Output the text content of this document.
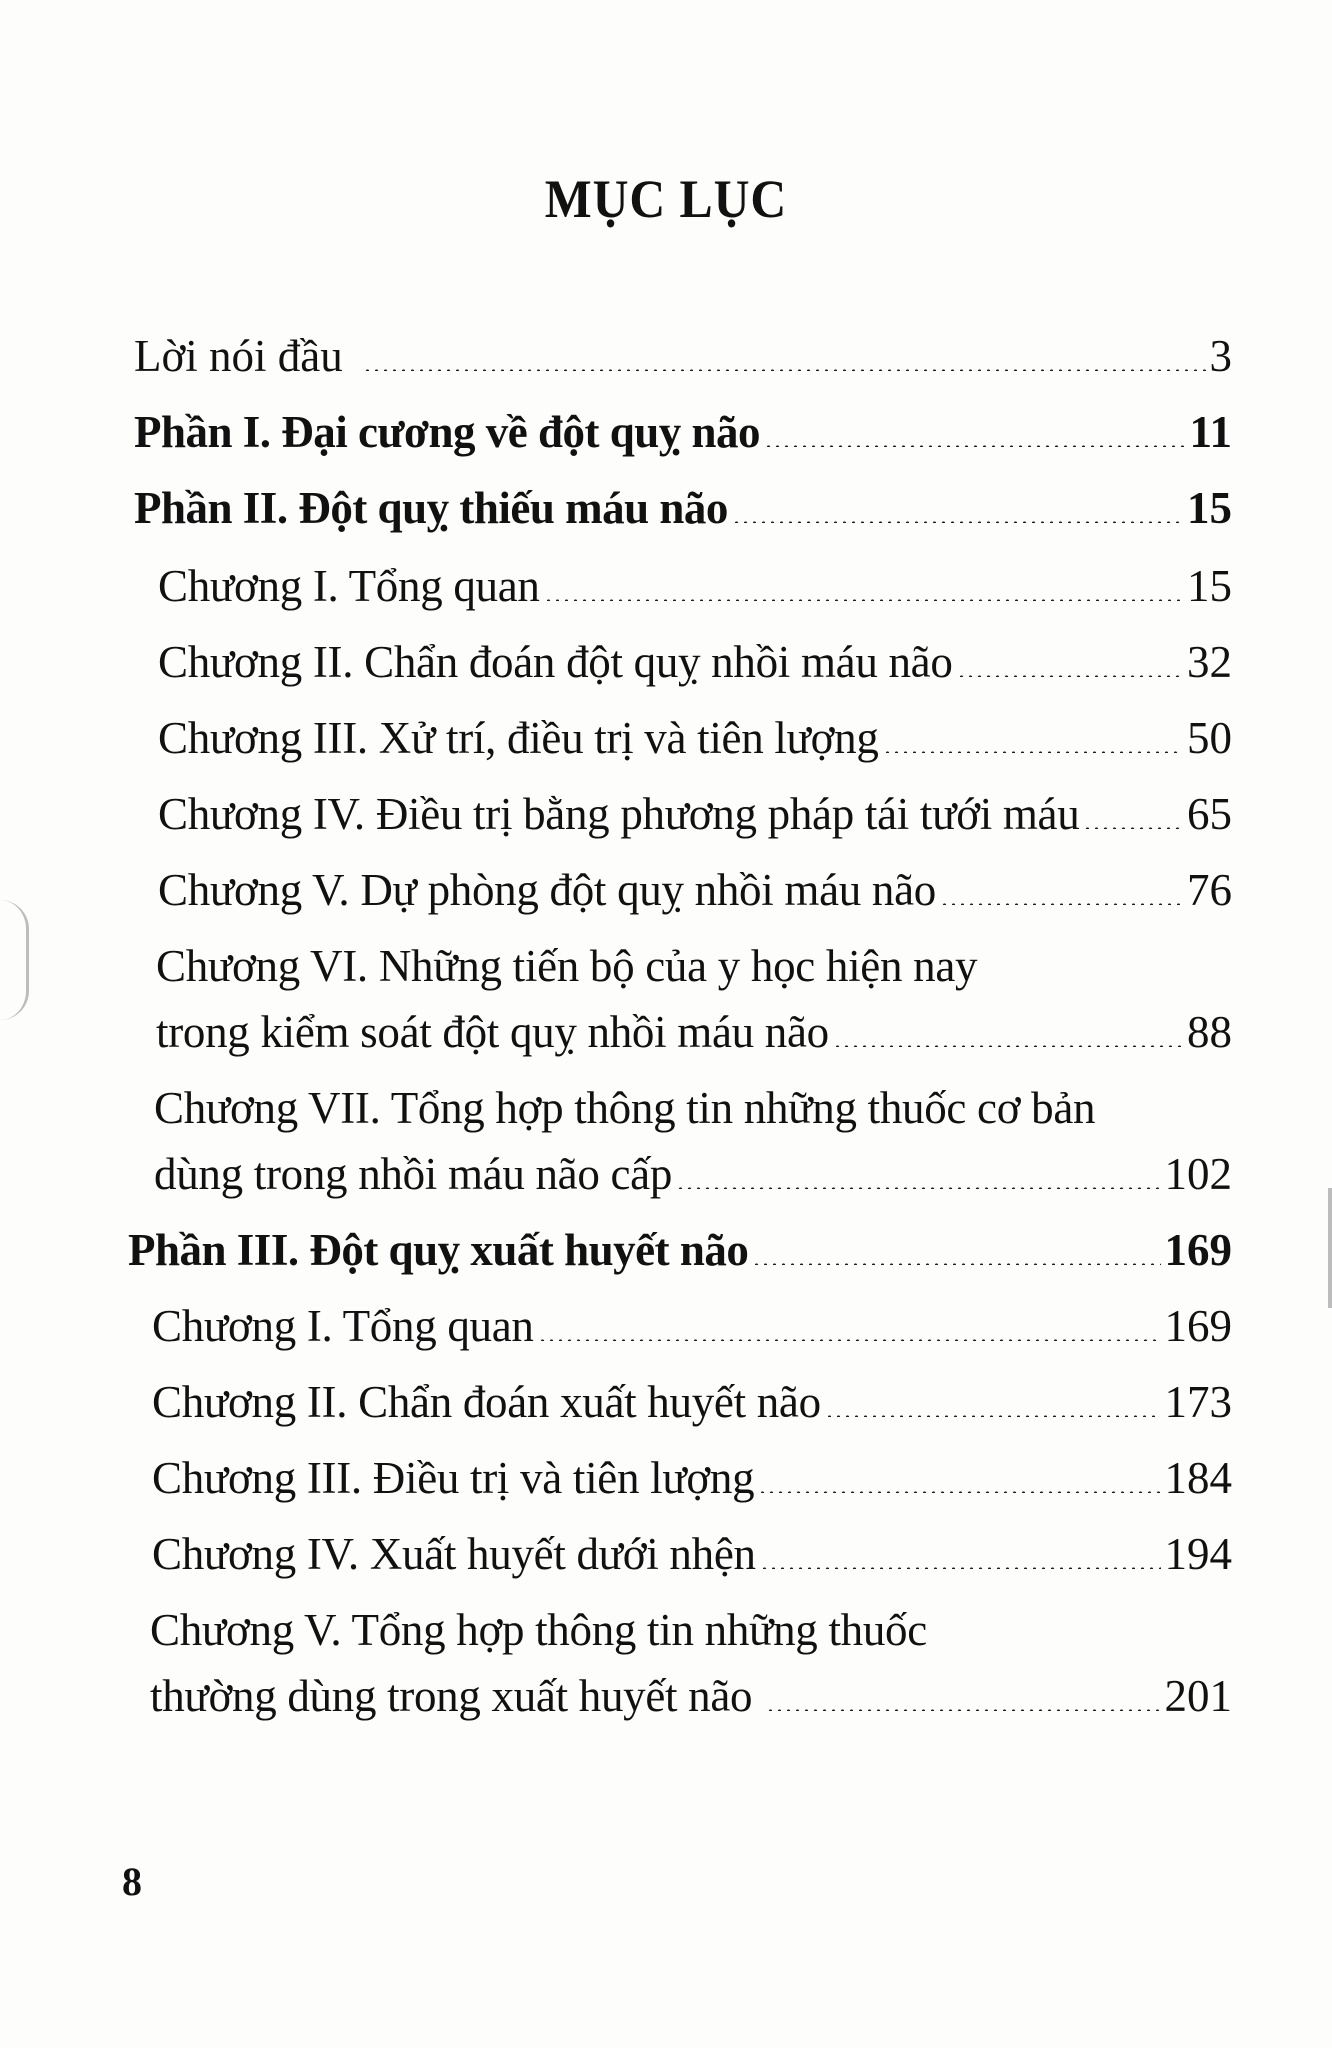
MỤC LỤC
Lời nói đầu	3
Phần I. Đại cương về đột quỵ não	11
Phần II. Đột quỵ thiếu máu não	15
Chương I. Tổng quan	15
Chương II. Chẩn đoán đột quỵ nhồi máu não	32
Chương III. Xử trí, điều trị và tiên lượng	50
Chương IV. Điều trị bằng phương pháp tái tưới máu 65
Chương V. Dự phòng đột quỵ nhồi máu não	76
Chương VI. Những tiến bộ của y học hiện nay
trong kiểm soát đột quỵ nhồi máu não	88
Chương VII. Tổng hợp thông tin những thuốc cơ bản
dùng trong nhồi máu não cấp	102
Phần III. Đột quỵ xuất huyết não	169
Chương I. Tổng quan	169
Chương II. Chẩn đoán xuất huyết não	173
Chương III. Điều trị và tiên lượng	184
Chương IV. Xuất huyết dưới nhện	194
Chương V. Tổng hợp thông tin những thuốc
thường dùng trong xuất huyết não	201
8
